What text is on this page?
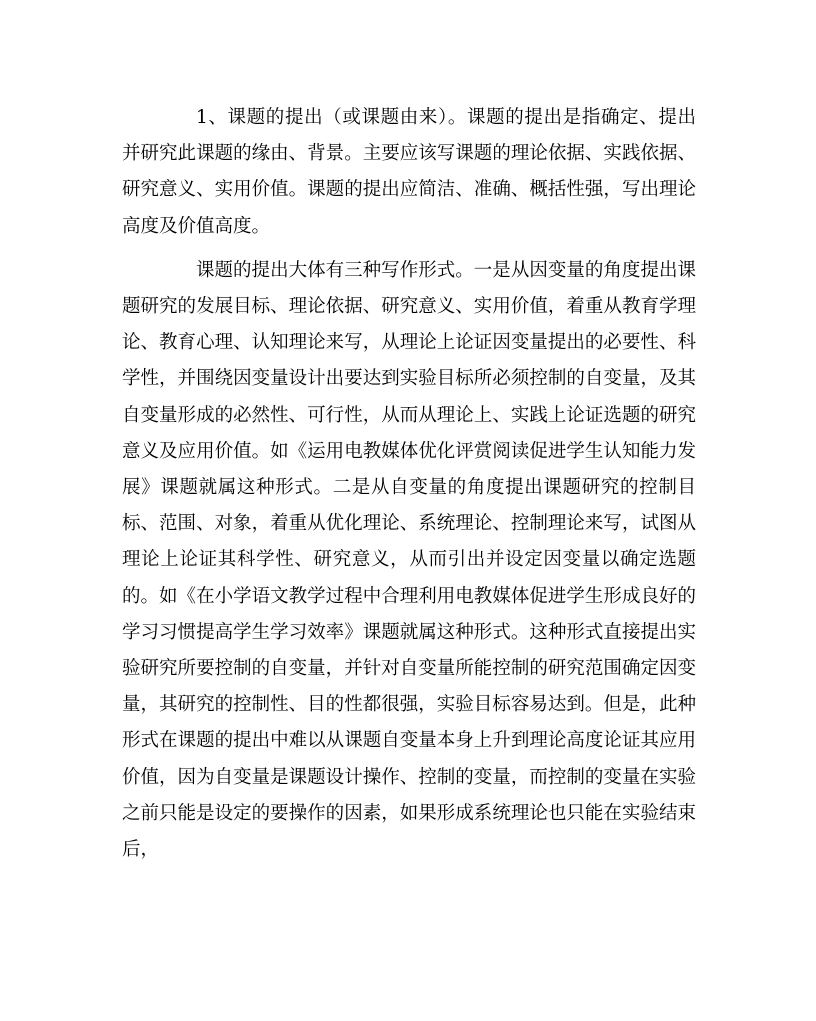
1、课题的提出（或课题由来）。课题的提出是指确定、提出并研究此课题的缘由、背景。主要应该写课题的理论依据、实践依据、研究意义、实用价值。课题的提出应简洁、准确、概括性强，写出理论高度及价值高度。

课题的提出大体有三种写作形式。一是从因变量的角度提出课题研究的发展目标、理论依据、研究意义、实用价值，着重从教育学理论、教育心理、认知理论来写，从理论上论证因变量提出的必要性、科学性，并围绕因变量设计出要达到实验目标所必须控制的自变量，及其自变量形成的必然性、可行性，从而从理论上、实践上论证选题的研究意义及应用价值。如《运用电教媒体优化评赏阅读促进学生认知能力发展》课题就属这种形式。二是从自变量的角度提出课题研究的控制目标、范围、对象，着重从优化理论、系统理论、控制理论来写，试图从理论上论证其科学性、研究意义，从而引出并设定因变量以确定选题的。如《在小学语文教学过程中合理利用电教媒体促进学生形成良好的学习习惯提高学生学习效率》课题就属这种形式。这种形式直接提出实验研究所要控制的自变量，并针对自变量所能控制的研究范围确定因变量，其研究的控制性、目的性都很强，实验目标容易达到。但是，此种形式在课题的提出中难以从课题自变量本身上升到理论高度论证其应用价值，因为自变量是课题设计操作、控制的变量，而控制的变量在实验之前只能是设定的要操作的因素，如果形成系统理论也只能在实验结束后，
